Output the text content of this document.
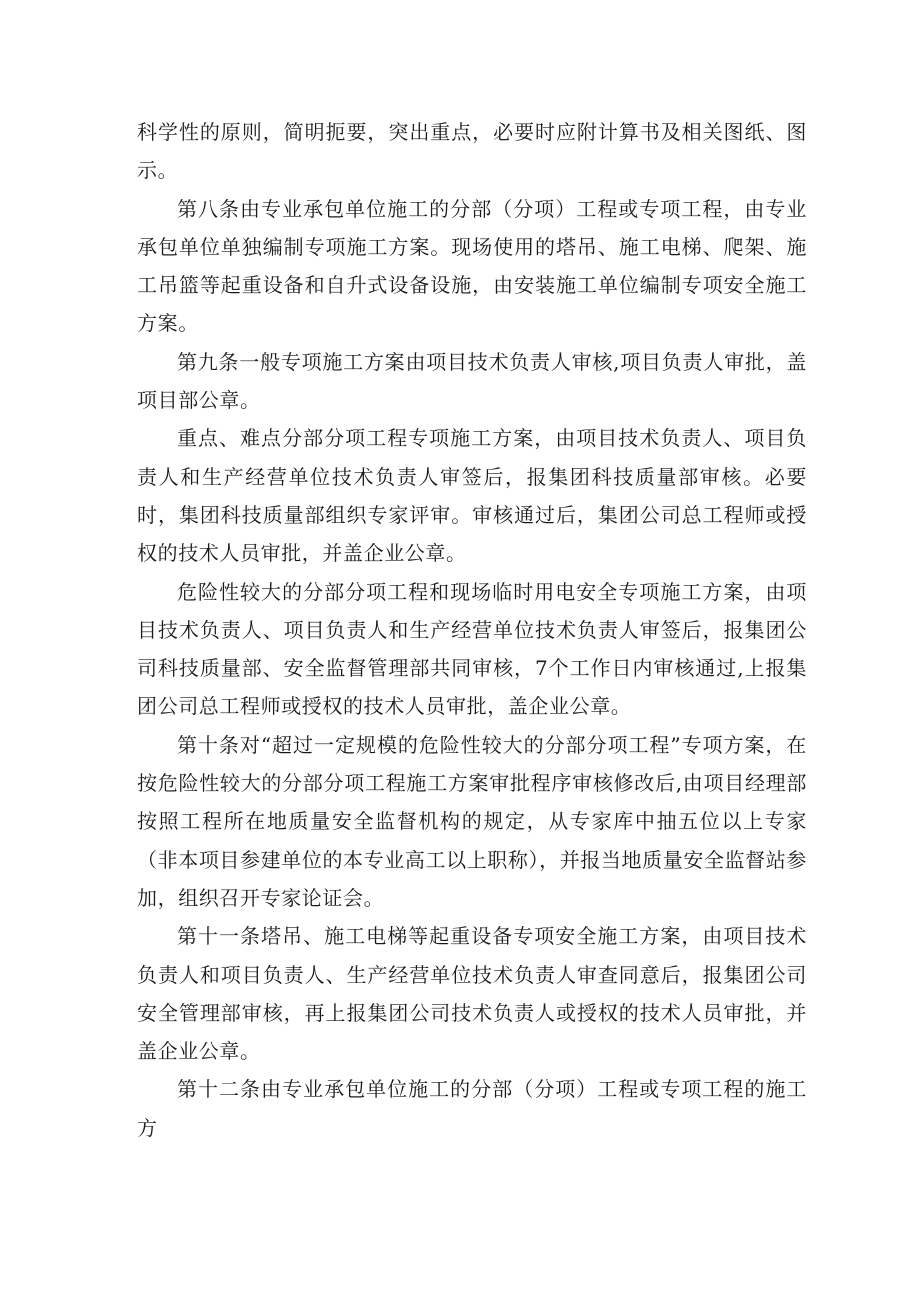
科学性的原则，简明扼要，突出重点，必要时应附计算书及相关图纸、图示。

第八条由专业承包单位施工的分部（分项）工程或专项工程，由专业承包单位单独编制专项施工方案。现场使用的塔吊、施工电梯、爬架、施工吊篮等起重设备和自升式设备设施，由安装施工单位编制专项安全施工方案。

第九条一般专项施工方案由项目技术负责人审核,项目负责人审批，盖项目部公章。

重点、难点分部分项工程专项施工方案，由项目技术负责人、项目负责人和生产经营单位技术负责人审签后，报集团科技质量部审核。必要时，集团科技质量部组织专家评审。审核通过后，集团公司总工程师或授权的技术人员审批，并盖企业公章。

危险性较大的分部分项工程和现场临时用电安全专项施工方案，由项目技术负责人、项目负责人和生产经营单位技术负责人审签后，报集团公司科技质量部、安全监督管理部共同审核，7个工作日内审核通过,上报集团公司总工程师或授权的技术人员审批，盖企业公章。

第十条对“超过一定规模的危险性较大的分部分项工程”专项方案，在按危险性较大的分部分项工程施工方案审批程序审核修改后,由项目经理部按照工程所在地质量安全监督机构的规定，从专家库中抽五位以上专家（非本项目参建单位的本专业高工以上职称），并报当地质量安全监督站参加，组织召开专家论证会。

第十一条塔吊、施工电梯等起重设备专项安全施工方案，由项目技术负责人和项目负责人、生产经营单位技术负责人审查同意后，报集团公司安全管理部审核，再上报集团公司技术负责人或授权的技术人员审批，并盖企业公章。

第十二条由专业承包单位施工的分部（分项）工程或专项工程的施工方
